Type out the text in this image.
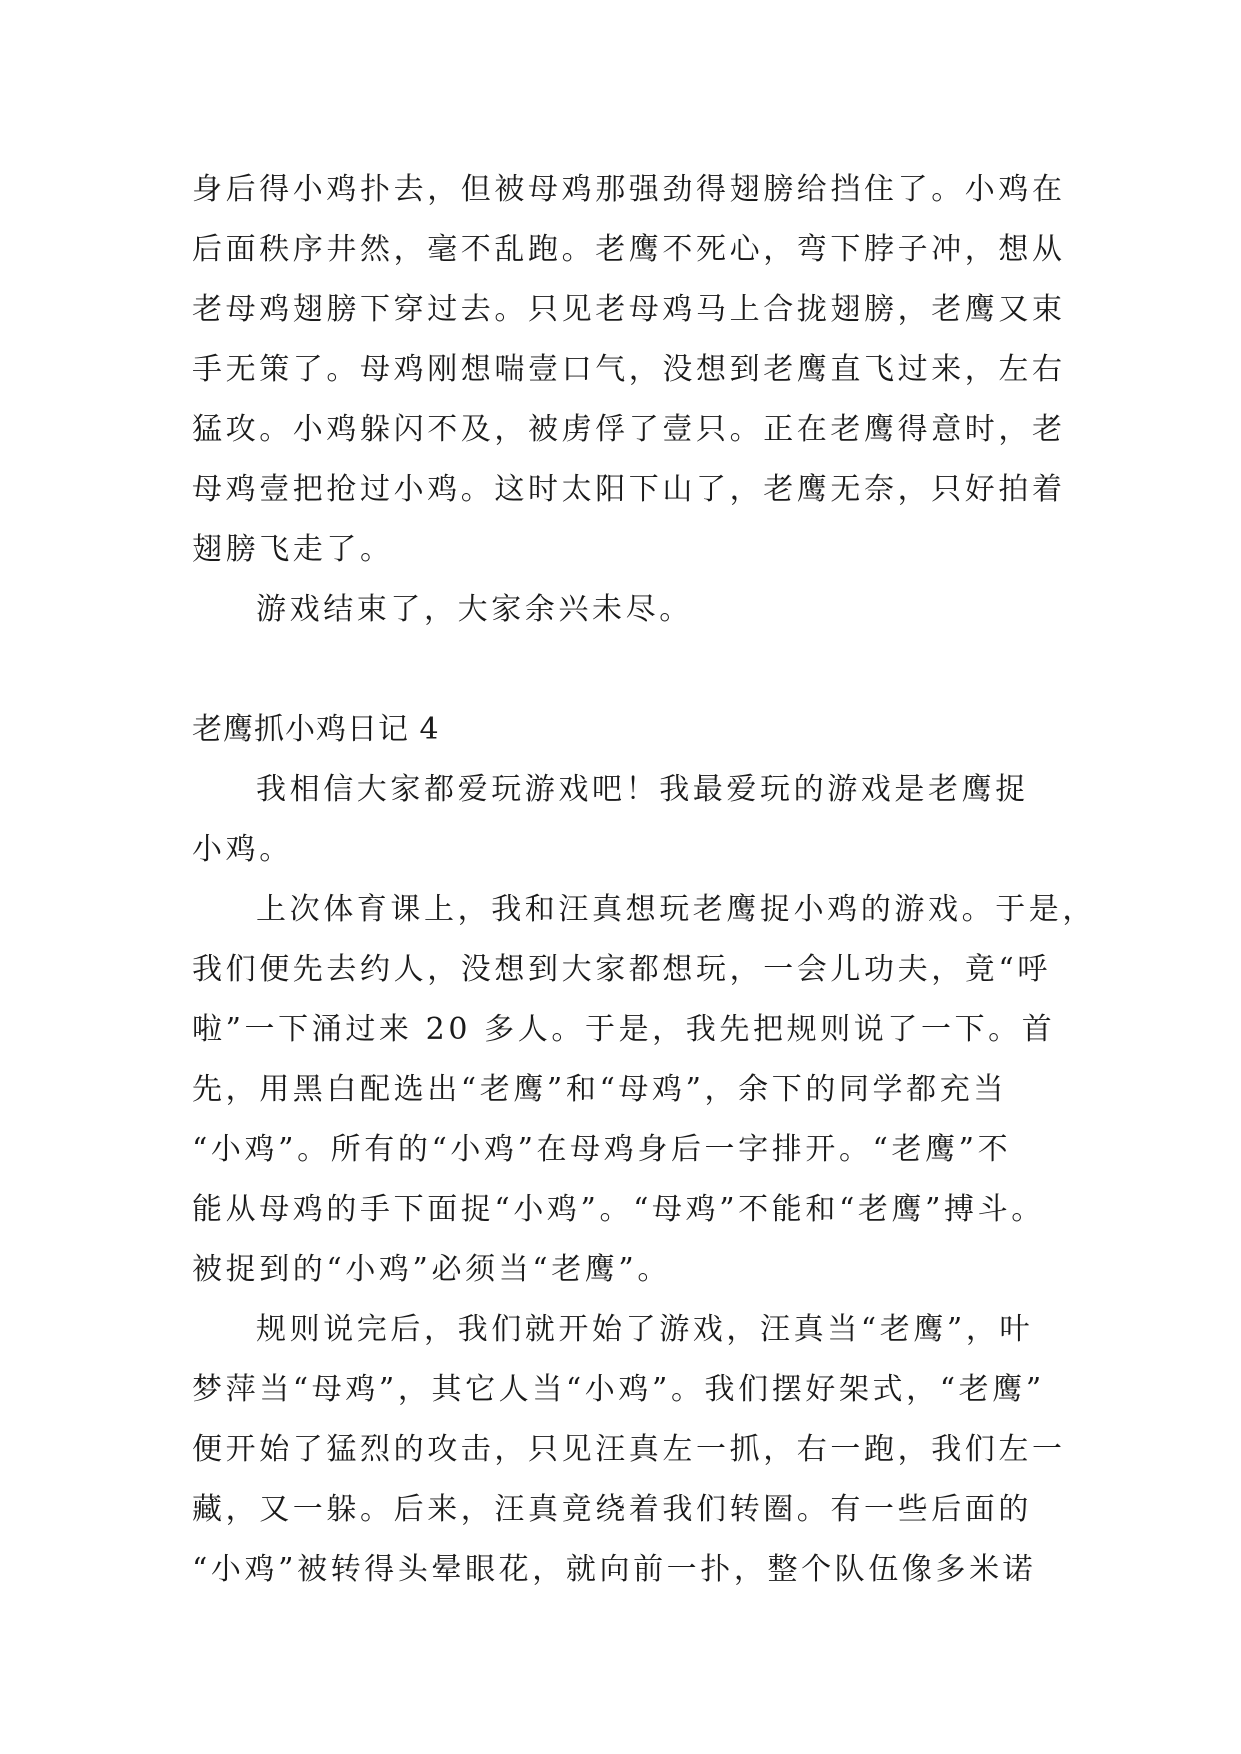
身后得小鸡扑去，但被母鸡那强劲得翅膀给挡住了。小鸡在
后面秩序井然，毫不乱跑。老鹰不死心，弯下脖子冲，想从
老母鸡翅膀下穿过去。只见老母鸡马上合拢翅膀，老鹰又束
手无策了。母鸡刚想喘壹口气，没想到老鹰直飞过来，左右
猛攻。小鸡躲闪不及，被虏俘了壹只。正在老鹰得意时，老
母鸡壹把抢过小鸡。这时太阳下山了，老鹰无奈，只好拍着
翅膀飞走了。
游戏结束了，大家余兴未尽。
老鹰抓小鸡日记 4
我相信大家都爱玩游戏吧！我最爱玩的游戏是老鹰捉
小鸡。
上次体育课上，我和汪真想玩老鹰捉小鸡的游戏。于是，
我们便先去约人，没想到大家都想玩，一会儿功夫，竟“呼
啦”一下涌过来 20 多人。于是，我先把规则说了一下。首
先，用黑白配选出“老鹰”和“母鸡”，余下的同学都充当
“小鸡”。所有的“小鸡”在母鸡身后一字排开。“老鹰”不
能从母鸡的手下面捉“小鸡”。“母鸡”不能和“老鹰”搏斗。
被捉到的“小鸡”必须当“老鹰”。
规则说完后，我们就开始了游戏，汪真当“老鹰”，叶
梦萍当“母鸡”，其它人当“小鸡”。我们摆好架式，“老鹰”
便开始了猛烈的攻击，只见汪真左一抓，右一跑，我们左一
藏，又一躲。后来，汪真竟绕着我们转圈。有一些后面的
“小鸡”被转得头晕眼花，就向前一扑，整个队伍像多米诺
